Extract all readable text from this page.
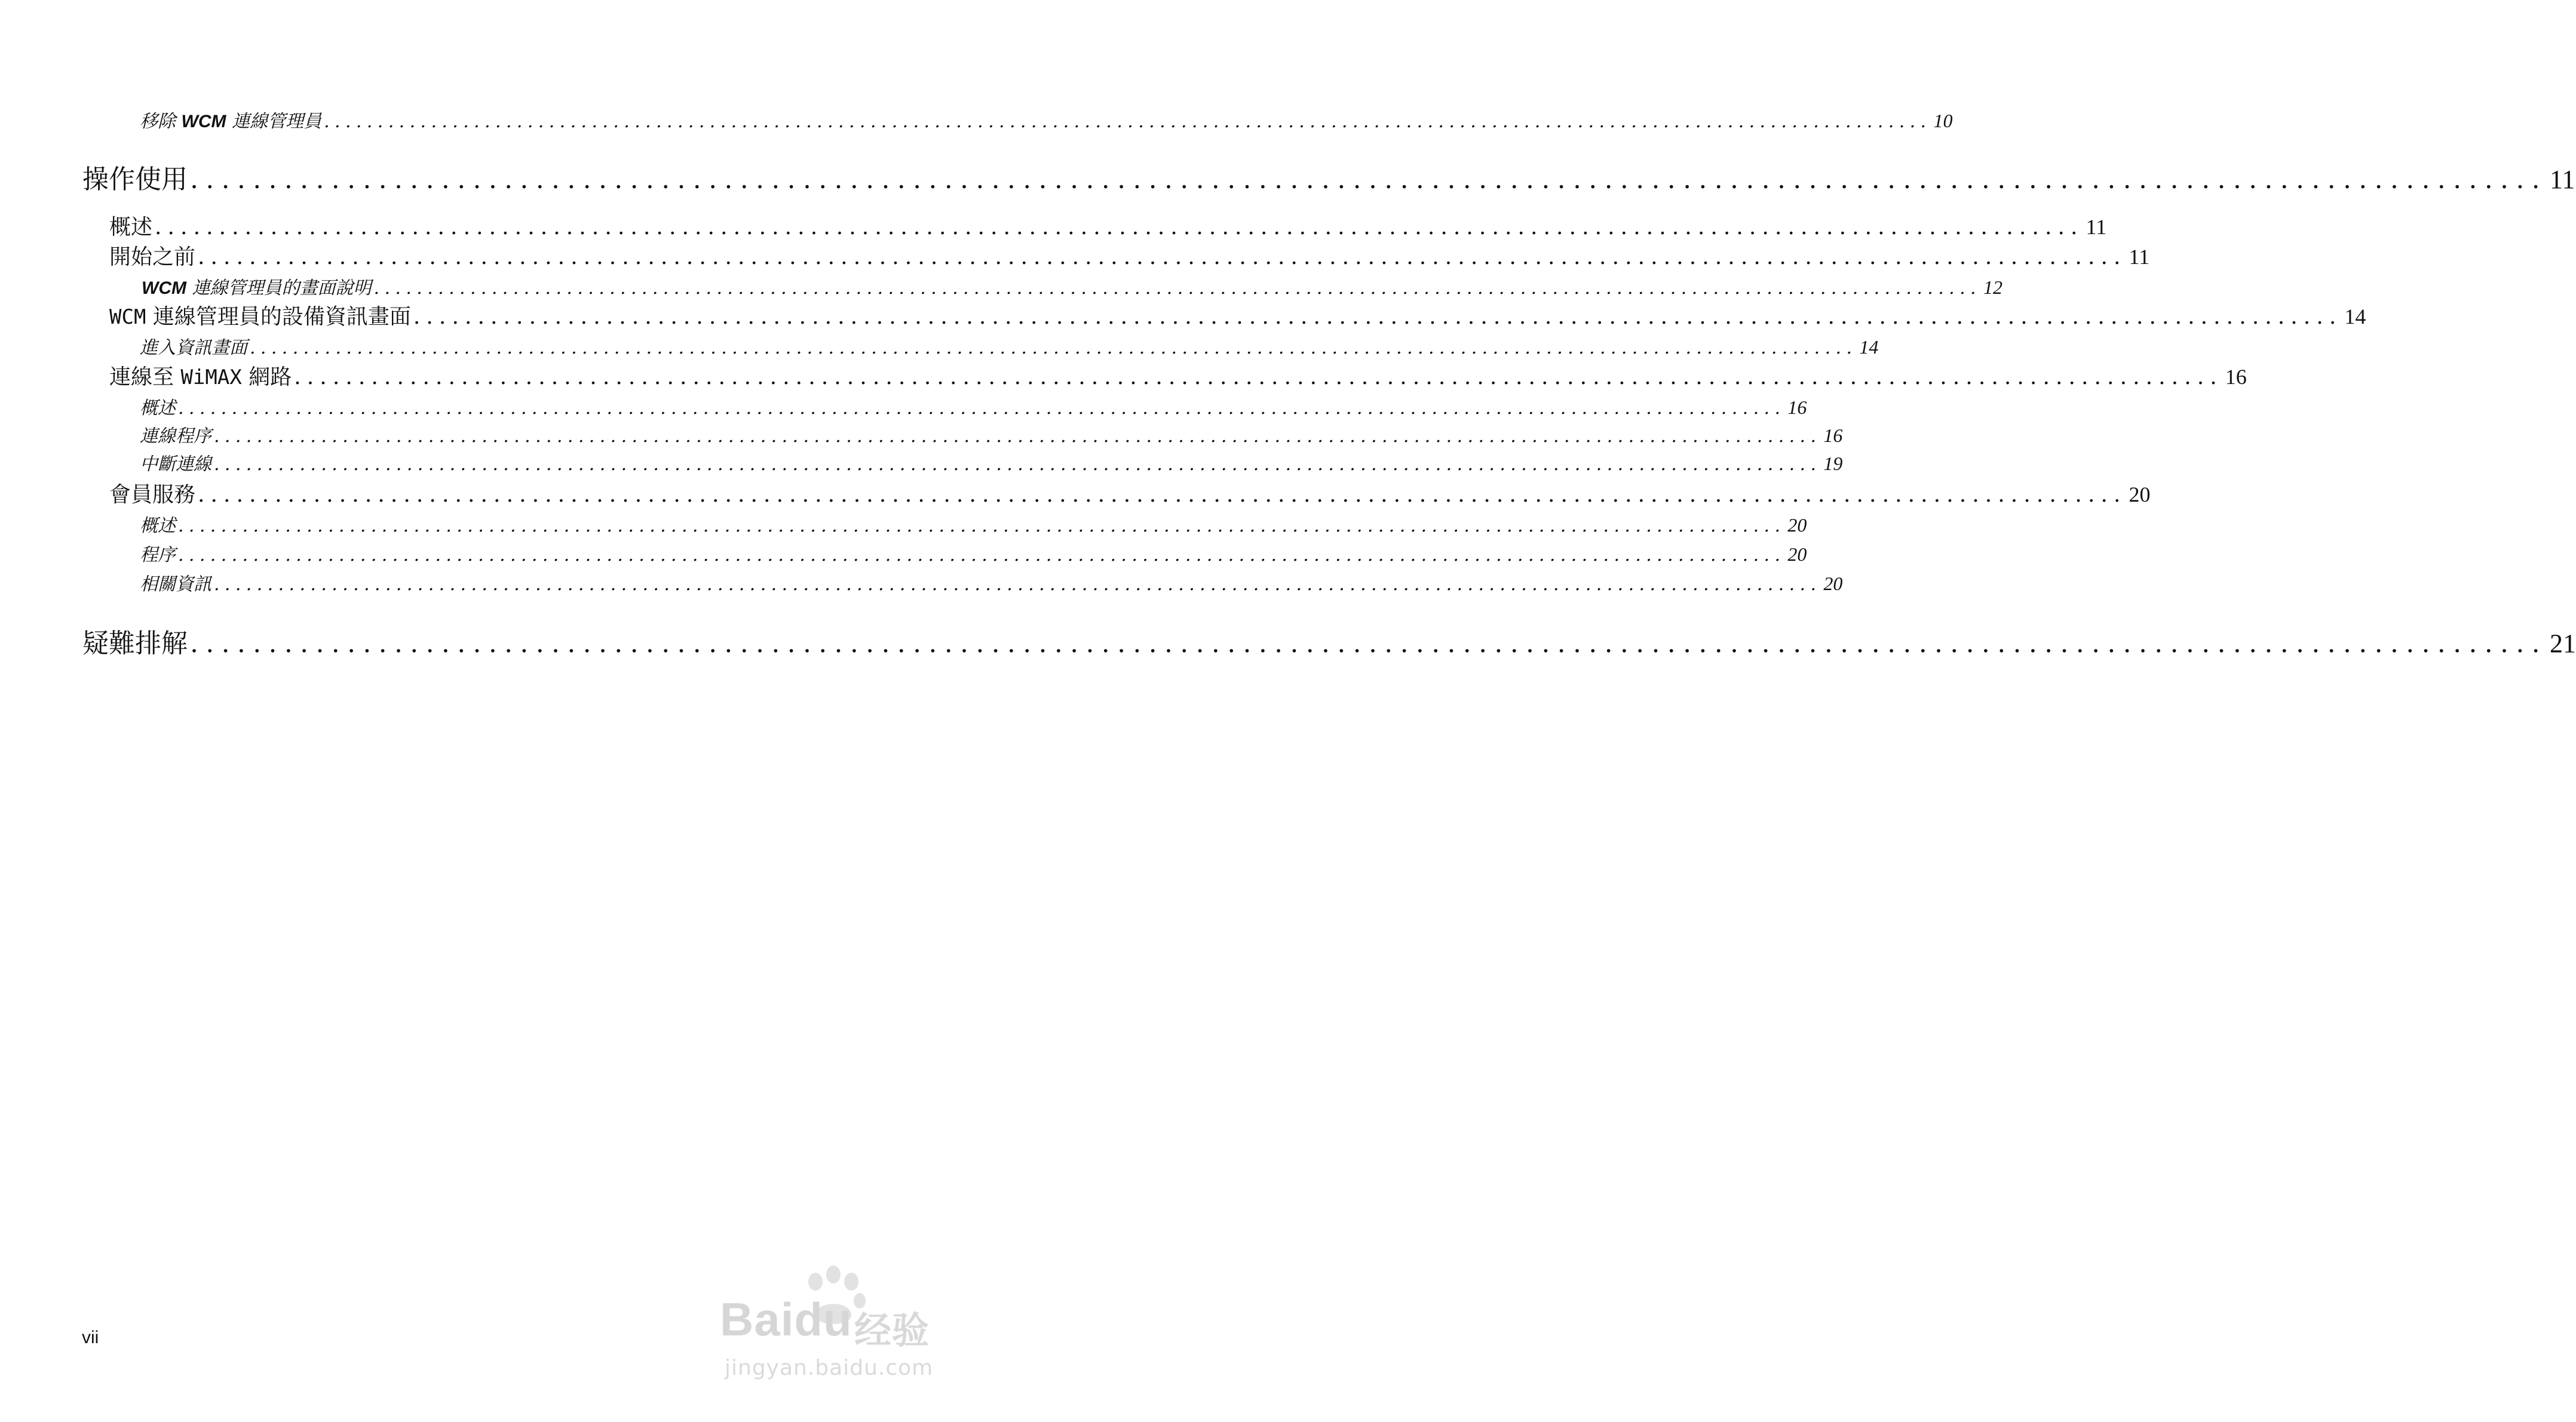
移除 WCM 連線管理員 ...................................................................................................................................................... 10
操作使用 ...................................................................................................................................................... 11
概述 ...................................................................................................................................................... 11
開始之前 ...................................................................................................................................................... 11
WCM 連線管理員的畫面說明 ...................................................................................................................................................... 12
WCM 連線管理員的設備資訊畫面 ...................................................................................................................................................... 14
進入資訊畫面 ...................................................................................................................................................... 14
連線至 WiMAX 網路 ...................................................................................................................................................... 16
概述 ...................................................................................................................................................... 16
連線程序 ...................................................................................................................................................... 16
中斷連線 ...................................................................................................................................................... 19
會員服務 ...................................................................................................................................................... 20
概述 ...................................................................................................................................................... 20
程序 ...................................................................................................................................................... 20
相關資訊 ...................................................................................................................................................... 20
疑難排解 ...................................................................................................................................................... 21
vii	Baidu 经验
jingyan.baidu.com
